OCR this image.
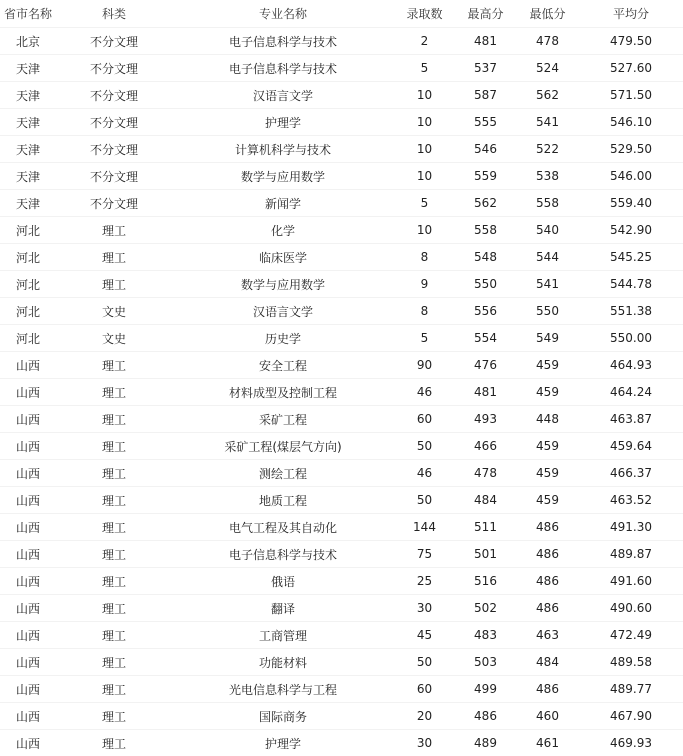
省市名称	科类	专业名称	录取数	最高分	最低分	平均分
北京	不分文理	电子信息科学与技术	2	481	478	479.50
天津	不分文理	电子信息科学与技术	5	537	524	527.60
天津	不分文理	汉语言文学	10	587	562	571.50
天津	不分文理	护理学	10	555	541	546.10
天津	不分文理	计算机科学与技术	10	546	522	529.50
天津	不分文理	数学与应用数学	10	559	538	546.00
天津	不分文理	新闻学	5	562	558	559.40
河北	理工	化学	10	558	540	542.90
河北	理工	临床医学	8	548	544	545.25
河北	理工	数学与应用数学	9	550	541	544.78
河北	文史	汉语言文学	8	556	550	551.38
河北	文史	历史学	5	554	549	550.00
山西	理工	安全工程	90	476	459	464.93
山西	理工	材料成型及控制工程	46	481	459	464.24
山西	理工	采矿工程	60	493	448	463.87
山西	理工	采矿工程(煤层气方向)	50	466	459	459.64
山西	理工	测绘工程	46	478	459	466.37
山西	理工	地质工程	50	484	459	463.52
山西	理工	电气工程及其自动化	144	511	486	491.30
山西	理工	电子信息科学与技术	75	501	486	489.87
山西	理工	俄语	25	516	486	491.60
山西	理工	翻译	30	502	486	490.60
山西	理工	工商管理	45	483	463	472.49
山西	理工	功能材料	50	503	484	489.58
山西	理工	光电信息科学与工程	60	499	486	489.77
山西	理工	国际商务	20	486	460	467.90
山西	理工	护理学	30	489	461	469.93
